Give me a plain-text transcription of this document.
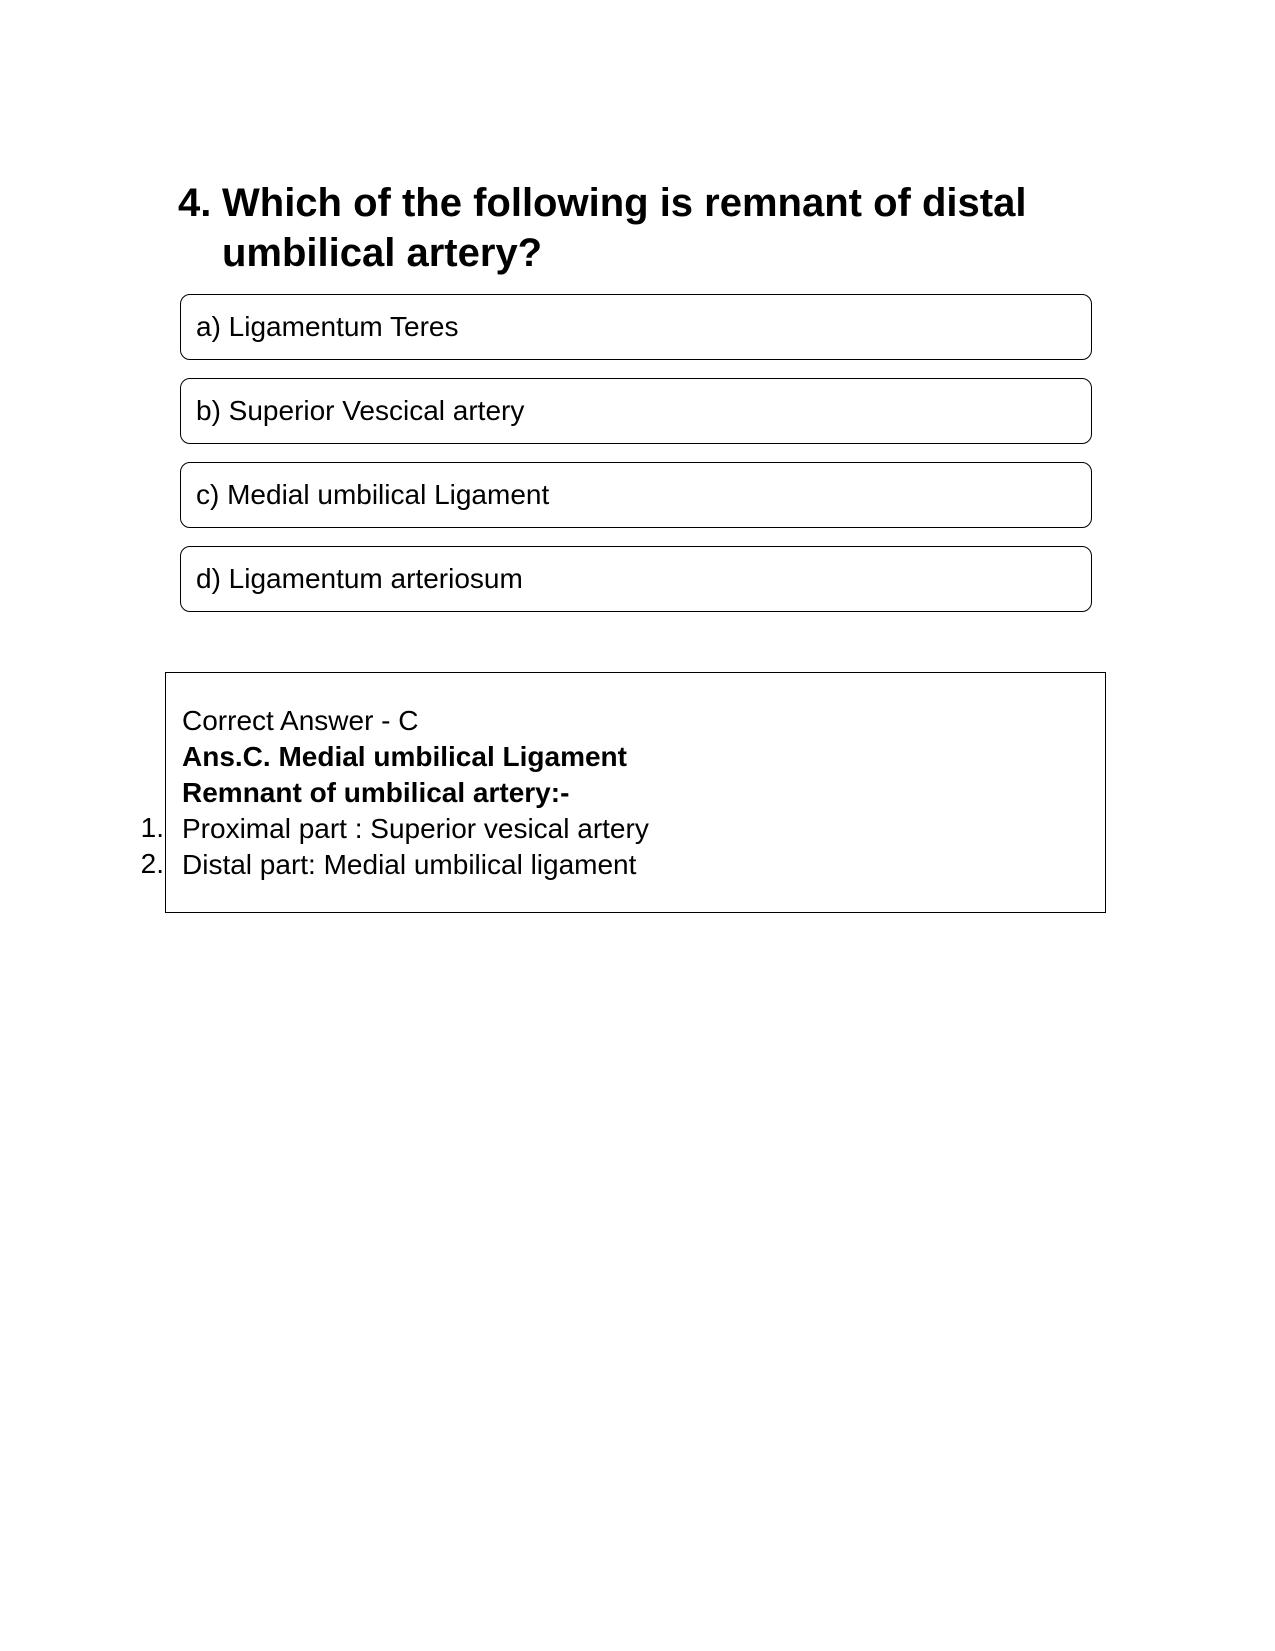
4. Which of the following is remnant of distal umbilical artery?
a) Ligamentum Teres
b) Superior Vescical artery
c) Medial umbilical Ligament
d) Ligamentum arteriosum
Correct Answer - C
Ans.C. Medial umbilical Ligament
Remnant of umbilical artery:-
Proximal part : Superior vesical artery
Distal part: Medial umbilical ligament
1.
2.
